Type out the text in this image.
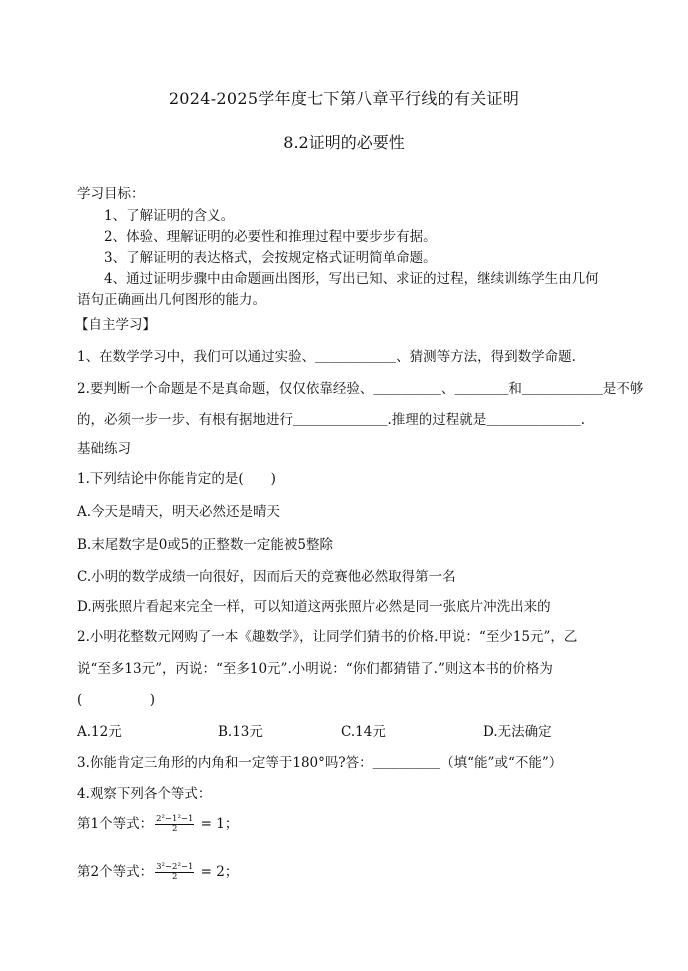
2024-2025学年度七下第八章平行线的有关证明
8.2证明的必要性
学习目标：
1、了解证明的含义。
2、体验、理解证明的必要性和推理过程中要步步有据。
3、了解证明的表达格式，会按规定格式证明简单命题。
4、通过证明步骤中由命题画出图形，写出已知、求证的过程，继续训练学生由几何
语句正确画出几何图形的能力。
【自主学习】
1、在数学学习中，我们可以通过实验、＿＿＿＿＿＿、猜测等方法，得到数学命题.
2.要判断一个命题是不是真命题，仅仅依靠经验、＿＿＿＿＿、＿＿＿＿和＿＿＿＿＿＿是不够
的，必须一步一步、有根有据地进行＿＿＿＿＿＿＿.推理的过程就是＿＿＿＿＿＿＿.
基础练习
1.下列结论中你能肯定的是(　　)
A.今天是晴天，明天必然还是晴天
B.末尾数字是0或5的正整数一定能被5整除
C.小明的数学成绩一向很好，因而后天的竞赛他必然取得第一名
D.两张照片看起来完全一样，可以知道这两张照片必然是同一张底片冲洗出来的
2.小明花整数元网购了一本《趣数学》，让同学们猜书的价格.甲说：“至少15元”，乙
说“至多13元”，丙说：“至多10元”.小明说：“你们都猜错了.”则这本书的价格为
(　　　　　)
A.12元	B.13元	C.14元	D.无法确定
3.你能肯定三角形的内角和一定等于180°吗?答：＿＿＿＿＿（填“能”或“不能”）
4.观察下列各个等式：
第1个等式： $\frac{\text{2²−1²−1}}{2} = 1$；
第2个等式： $\frac{\text{3²−2²−1}}{2} = 2$；
